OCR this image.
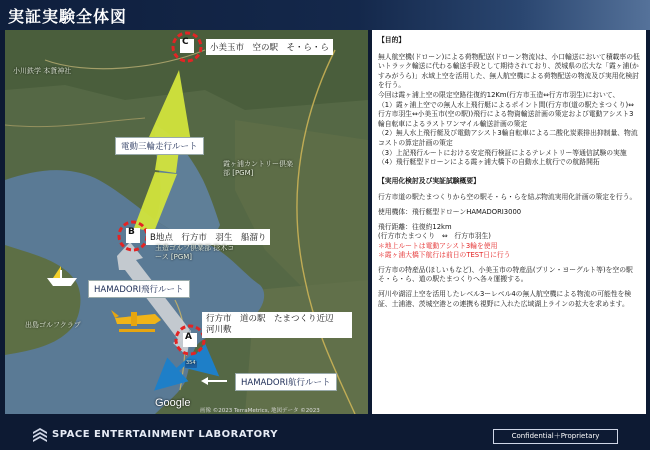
実証実験全体図
C
B
A
小美玉市　空の駅　そ・ら・ら
B地点　行方市　羽生　船溜り
行方市　道の駅　たまつくり近辺
河川敷
電動三輪走行ルート
HAMADORI飛行ルート
HAMADORI航行ルート
小川鉄学 本貨神社
霞ヶ浦カントリー倶楽部 [PGM]
玉造ゴルフ倶楽部 捻木コース [PGM]
出島ゴルフクラブ
354
Google
画像 ©2023 TerraMetrics, 地図データ ©2023
【目的】
無人航空機(ドローン)による荷物配送(ドローン物流)は、小口輸送において積載率の低いトラック輸送に代わる輸送手段として期待されており、茨城県の広大な「霞ヶ浦(かすみがうら)」水域上空を活用した、無人航空機による荷物配送の物流及び実用化検討を行う。
今回は霞ヶ浦上空の限定空路往復約12Km(行方市玉造⇔行方市羽生)において、
（1）霞ヶ浦上空での無人水上飛行艇によるポイント間(行方市(道の駅たまつくり)⇔行方市羽生⇔小美玉市(空の駅))飛行による物資輸送計画の策定および電動アシスト3輪自転車によるラストワンマイル輸送計画の策定
（2）無人水上飛行艇及び電動アシスト3輪自転車による二酸化炭素排出抑制量、物流コストの算定計画の策定
（3）上記飛行ルートにおける安定飛行検証によるテレメトリー等通信試験の実施
（4）飛行艇型ドローンによる霞ヶ浦大橋下の自動水上航行での航路開拓
【実用化検討及び実証試験概要】
行方市道の駅たまつくりから空の駅そ・ら・らを結ぶ物流実用化計画の策定を行う。
使用機体：飛行艇型ドローンHAMADORI3000
飛行距離：往復約12km
(行方市たまつくり　⇔　行方市羽生)
＊地上ルートは電動アシスト3輪を使用
＊霞ヶ浦大橋下航行は前日のTEST日に行う
行方市の特産品(ほしいもなど)、小美玉市の特産品(プリン・ヨーグルト等)を空の駅そ・ら・ら、道の駅たまつくりへ各々運搬する。
河川や湖沼上空を活用したレベル3ーレベル4の無人航空機による物流の可能性を検証、土浦港、茨城空港との連携も視野に入れた広域湖上ラインの拡大を求めます。
SPACE ENTERTAINMENT LABORATORY	Confidential＋Proprietary
